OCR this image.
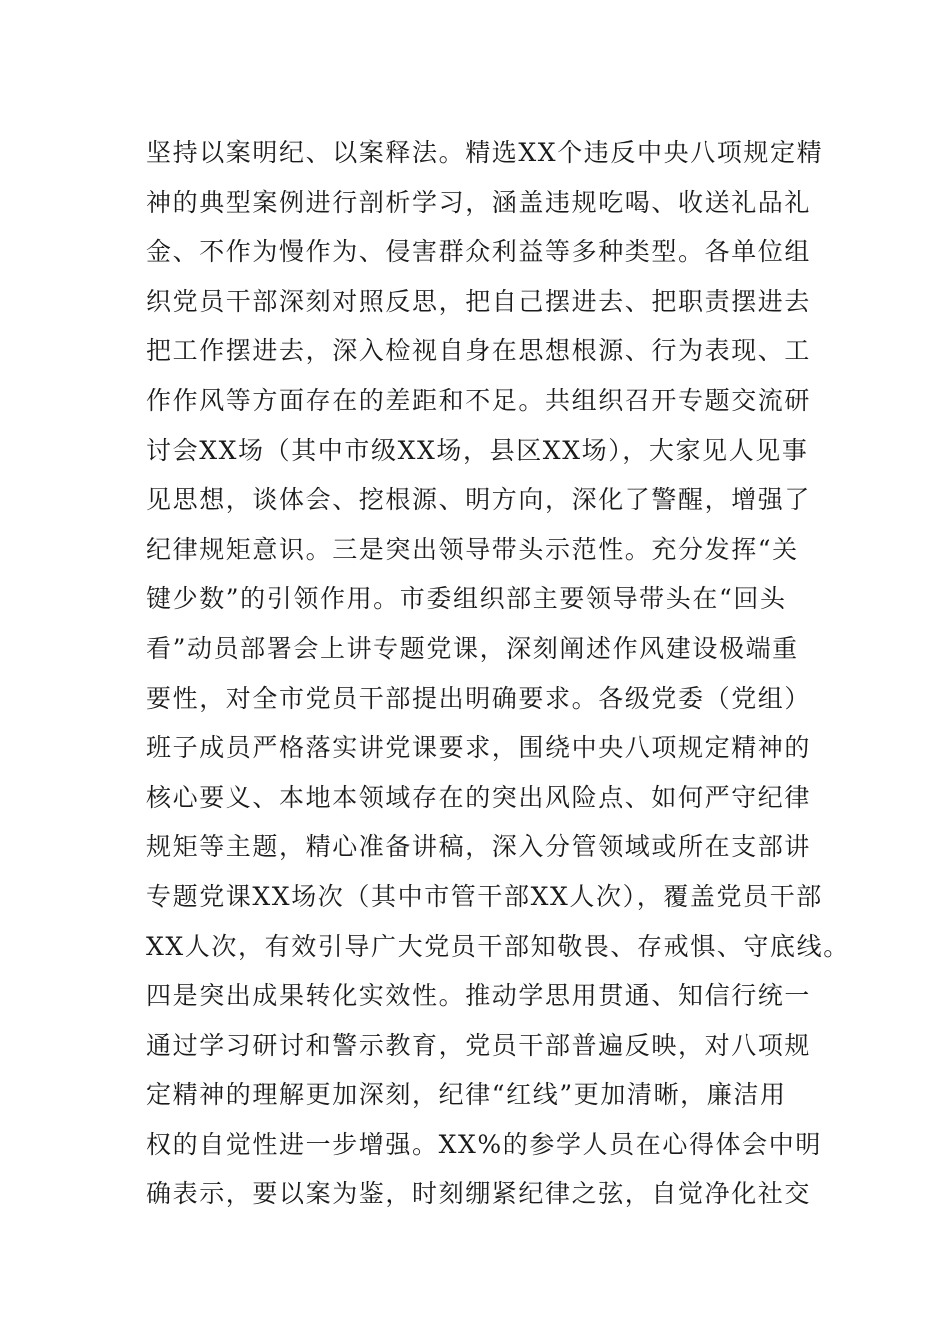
坚持以案明纪、以案释法。精选XX个违反中央八项规定精
神的典型案例进行剖析学习，涵盖违规吃喝、收送礼品礼
金、不作为慢作为、侵害群众利益等多种类型。各单位组
织党员干部深刻对照反思，把自己摆进去、把职责摆进去
把工作摆进去，深入检视自身在思想根源、行为表现、工
作作风等方面存在的差距和不足。共组织召开专题交流研
讨会XX场（其中市级XX场，县区XX场），大家见人见事
见思想，谈体会、挖根源、明方向，深化了警醒，增强了
纪律规矩意识。三是突出领导带头示范性。充分发挥“关
键少数”的引领作用。市委组织部主要领导带头在“回头
看”动员部署会上讲专题党课，深刻阐述作风建设极端重
要性，对全市党员干部提出明确要求。各级党委（党组）
班子成员严格落实讲党课要求，围绕中央八项规定精神的
核心要义、本地本领域存在的突出风险点、如何严守纪律
规矩等主题，精心准备讲稿，深入分管领域或所在支部讲
专题党课XX场次（其中市管干部XX人次），覆盖党员干部
XX人次，有效引导广大党员干部知敬畏、存戒惧、守底线。
四是突出成果转化实效性。推动学思用贯通、知信行统一
通过学习研讨和警示教育，党员干部普遍反映，对八项规
定精神的理解更加深刻，纪律“红线”更加清晰，廉洁用
权的自觉性进一步增强。XX%的参学人员在心得体会中明
确表示，要以案为鉴，时刻绷紧纪律之弦，自觉净化社交
